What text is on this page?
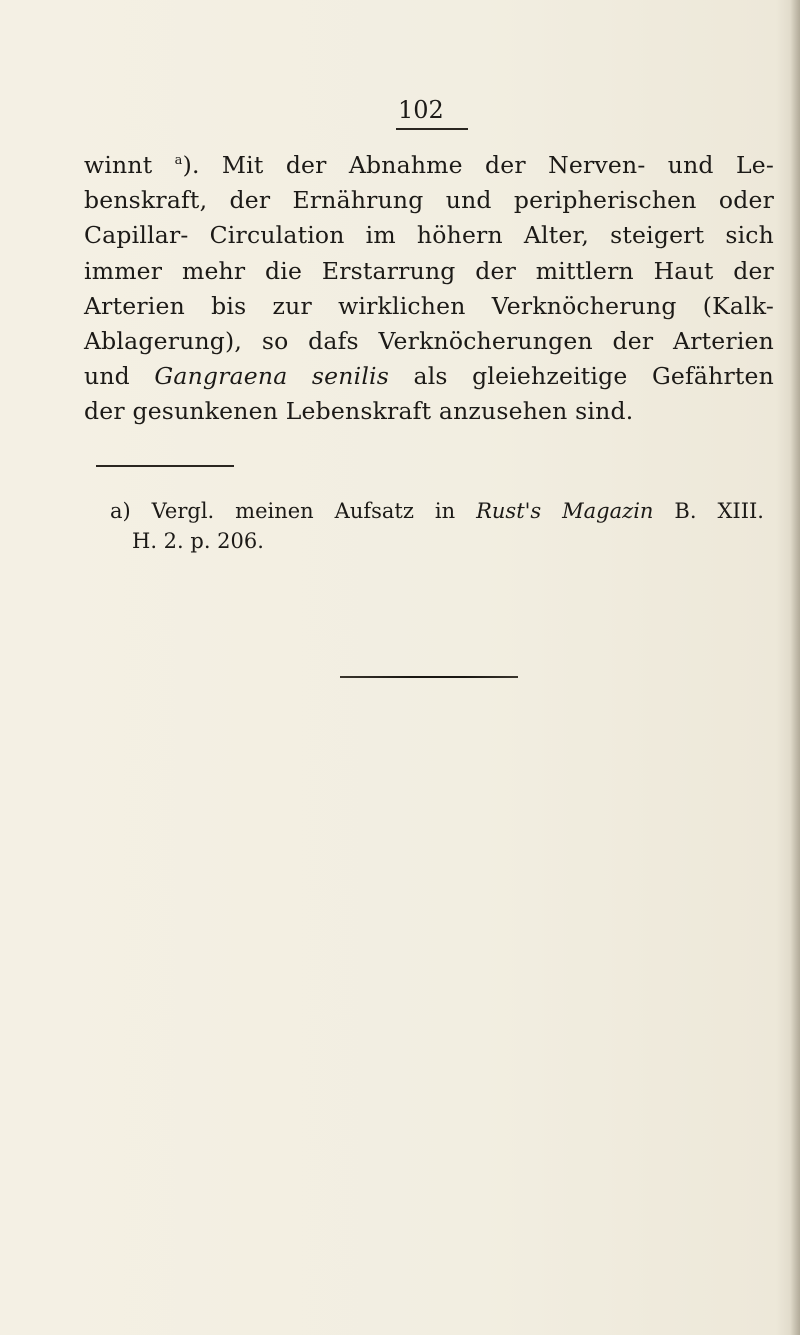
102
winnt $^a$). Mit der Abnahme der Nerven- und Le-
benskraft, der Ernährung und peripherischen oder
Capillar- Circulation im höhern Alter, steigert sich
immer mehr die Erstarrung der mittlern Haut der
Arterien bis zur wirklichen Verknöcherung (Kalk-
Ablagerung), so dafs Verknöcherungen der Arterien
und Gangraena senilis als gleiehzeitige Gefährten
der gesunkenen Lebenskraft anzusehen sind.
a) Vergl. meinen Aufsatz in Rust's Magazin B. XIII.
H. 2. p. 206.
